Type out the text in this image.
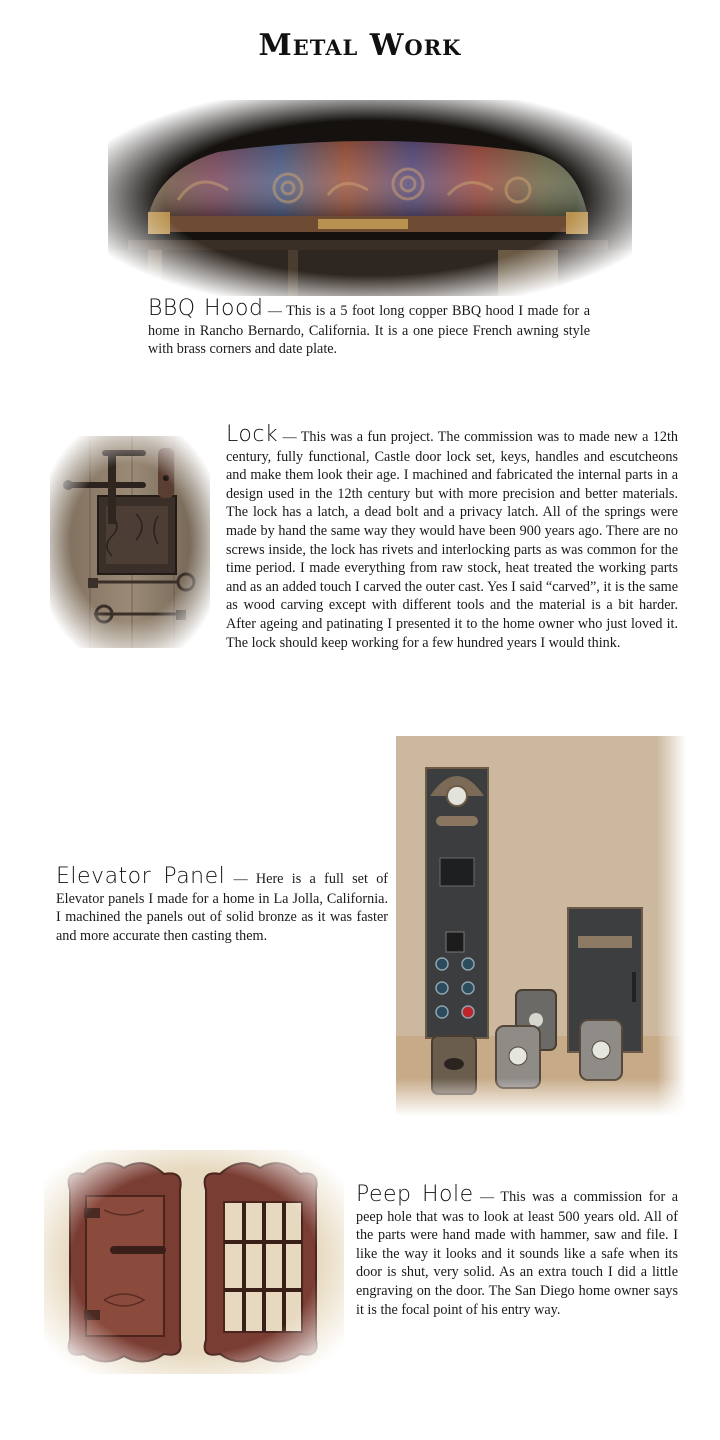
Metal Work
BBQ Hood — This is a 5 foot long copper BBQ hood I made for a home in Rancho Bernardo, California. It is a one piece French awning style with brass corners and date plate.
Lock — This was a fun project. The commission was to made new a 12th century, fully functional, Castle door lock set, keys, handles and escutcheons and make them look their age. I machined and fabricated the internal parts in a design used in the 12th century but with more precision and better materials. The lock has a latch, a dead bolt and a privacy latch. All of the springs were made by hand the same way they would have been 900 years ago. There are no screws inside, the lock has rivets and interlocking parts as was common for the time period. I made everything from raw stock, heat treated the working parts and as an added touch I carved the outer cast. Yes I said “carved”, it is the same as wood carving except with different tools and the material is a bit harder. After ageing and patinating I presented it to the home owner who just loved it. The lock should keep working for a few hundred years I would think.
Elevator Panel — Here is a full set of Elevator panels I made for a home in La Jolla, California. I machined the panels out of solid bronze as it was faster and more accurate then casting them.
Peep Hole — This was a commission for a peep hole that was to look at least 500 years old. All of the parts were hand made with hammer, saw and file. I like the way it looks and it sounds like a safe when its door is shut, very solid. As an extra touch I did a little engraving on the door. The San Diego home owner says it is the focal point of his entry way.
